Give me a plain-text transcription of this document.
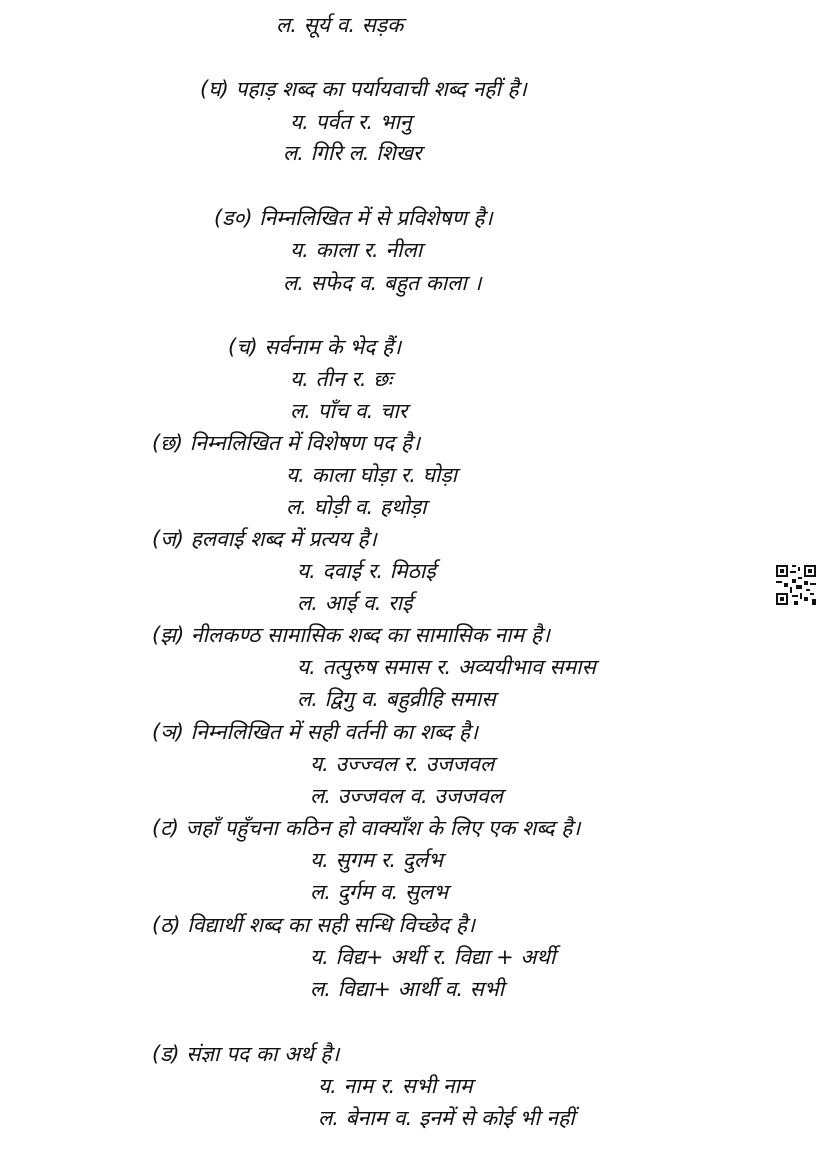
ल. सूर्य व. सड़क
(घ) पहाड़ शब्द का पर्यायवाची शब्द नहीं है।
य. पर्वत र. भानु
ल. गिरि ल. शिखर
(ड०) निम्नलिखित में से प्रविशेषण है।
य. काला र. नीला
ल. सफेद व. बहुत काला ।
(च) सर्वनाम के भेद हैं।
य. तीन र. छः
ल. पाँच व. चार
(छ) निम्नलिखित में विशेषण पद है।
य. काला घोड़ा र. घोड़ा
ल. घोड़ी व. हथोड़ा
(ज) हलवाई शब्द में प्रत्यय है।
य. दवाई र. मिठाई
ल. आई व. राई
(झ) नीलकण्ठ सामासिक शब्द का सामासिक नाम है।
य. तत्पुरुष समास र. अव्ययीभाव समास
ल. द्विगु व. बहुव्रीहि समास
(ञ) निम्नलिखित में सही वर्तनी का शब्द है।
य. उज्ज्वल र. उजजवल
ल. उज्जवल व. उजजवल
(ट) जहाँ पहुँचना कठिन हो वाक्याँश के लिए एक शब्द है।
य. सुगम र. दुर्लभ
ल. दुर्गम व. सुलभ
(ठ) विद्यार्थी शब्द का सही सन्धि विच्छेद है।
य. विद्य+ अर्थी र. विद्या + अर्थी
ल. विद्या+ आर्थी व. सभी
(ड) संज्ञा पद का अर्थ है।
य. नाम र. सभी नाम
ल. बेनाम व. इनमें से कोई भी नहीं
